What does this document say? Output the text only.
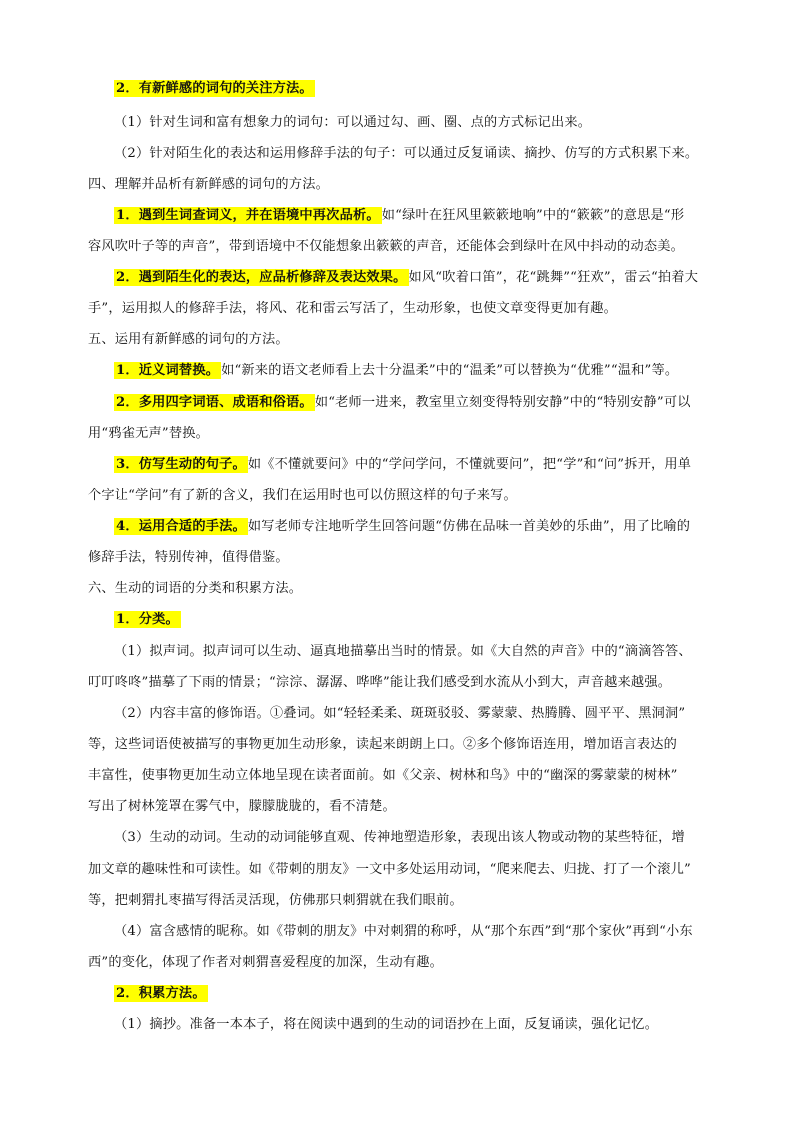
2．有新鲜感的词句的关注方法。
（1）针对生词和富有想象力的词句：可以通过勾、画、圈、点的方式标记出来。
（2）针对陌生化的表达和运用修辞手法的句子：可以通过反复诵读、摘抄、仿写的方式积累下来。
四、理解并品析有新鲜感的词句的方法。
1．遇到生词查词义，并在语境中再次品析。 如“绿叶在狂风里簌簌地响”中的“簌簌”的意思是“形
容风吹叶子等的声音”，带到语境中不仅能想象出簌簌的声音，还能体会到绿叶在风中抖动的动态美。
2．遇到陌生化的表达，应品析修辞及表达效果。 如风“吹着口笛”，花“跳舞”“狂欢”，雷云“拍着大
手”，运用拟人的修辞手法，将风、花和雷云写活了，生动形象，也使文章变得更加有趣。
五、运用有新鲜感的词句的方法。
1．近义词替换。 如“新来的语文老师看上去十分温柔”中的“温柔”可以替换为“优雅”“温和”等。
2．多用四字词语、成语和俗语。 如“老师一进来，教室里立刻变得特别安静”中的“特别安静”可以
用“鸦雀无声”替换。
3．仿写生动的句子。 如《不懂就要问》中的“学问学问，不懂就要问”，把“学”和“问”拆开，用单
个字让“学问”有了新的含义，我们在运用时也可以仿照这样的句子来写。
4．运用合适的手法。 如写老师专注地听学生回答问题“仿佛在品味一首美妙的乐曲”，用了比喻的
修辞手法，特别传神，值得借鉴。
六、生动的词语的分类和积累方法。
1．分类。
（1）拟声词。拟声词可以生动、逼真地描摹出当时的情景。如《大自然的声音》中的“滴滴答答、
叮叮咚咚”描摹了下雨的情景；“淙淙、潺潺、哗哗”能让我们感受到水流从小到大，声音越来越强。
（2）内容丰富的修饰语。①叠词。如“轻轻柔柔、斑斑驳驳、雾蒙蒙、热腾腾、圆平平、黑洞洞”
等，这些词语使被描写的事物更加生动形象，读起来朗朗上口。②多个修饰语连用，增加语言表达的
丰富性，使事物更加生动立体地呈现在读者面前。如《父亲、树林和鸟》中的“幽深的雾蒙蒙的树林”
写出了树林笼罩在雾气中，朦朦胧胧的，看不清楚。
（3）生动的动词。生动的动词能够直观、传神地塑造形象，表现出该人物或动物的某些特征，增
加文章的趣味性和可读性。如《带刺的朋友》一文中多处运用动词，“爬来爬去、归拢、打了一个滚儿”
等，把刺猬扎枣描写得活灵活现，仿佛那只刺猬就在我们眼前。
（4）富含感情的昵称。如《带刺的朋友》中对刺猬的称呼，从“那个东西”到“那个家伙”再到“小东
西”的变化，体现了作者对刺猬喜爱程度的加深，生动有趣。
2．积累方法。
（1）摘抄。准备一本本子，将在阅读中遇到的生动的词语抄在上面，反复诵读，强化记忆。
